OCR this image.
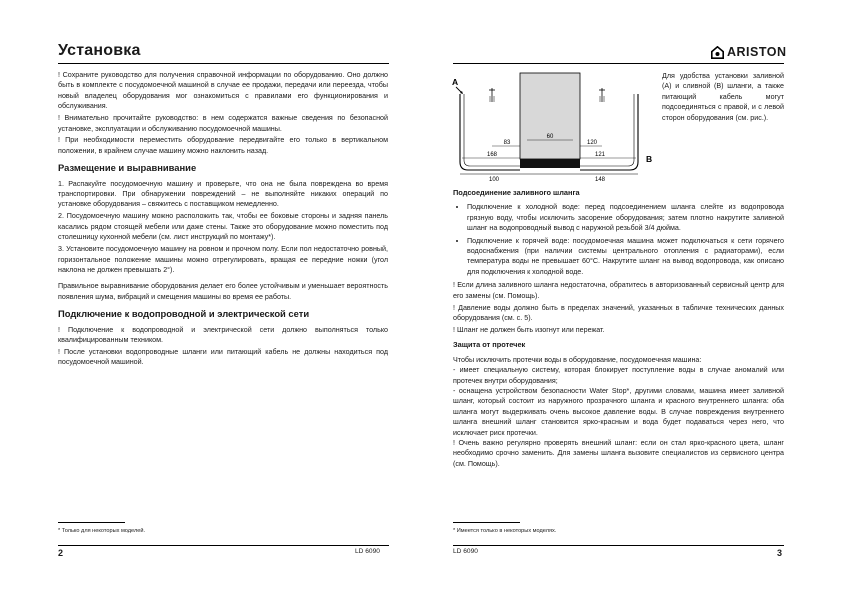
Установка	ARISTON

! Сохраните руководство для получения справочной информации по оборудованию. Оно должно быть в комплекте с посудомоечной машиной в случае ее продажи, передачи или переезда, чтобы новый владелец оборудования мог ознакомиться с правилами его функционирования и обслуживания.

! Внимательно прочитайте руководство: в нем содержатся важные сведения по безопасной установке, эксплуатации и обслуживанию посудомоечной машины.

! При необходимости переместить оборудование передвигайте его только в вертикальном положении, в крайнем случае машину можно наклонить назад.

Размещение и выравнивание

1. Распакуйте посудомоечную машину и проверьте, что она не была повреждена во время транспортировки. При обнаружении повреждений – не выполняйте никаких операций по установке оборудования – свяжитесь с поставщиком немедленно.

2. Посудомоечную машину можно расположить так, чтобы ее боковые стороны и задняя панель касались рядом стоящей мебели или даже стены. Также это оборудование можно поместить под столешницу кухонной мебели (см. лист инструкций по монтажу*).

3. Установите посудомоечную машину на ровном и прочном полу. Если пол недостаточно ровный, горизонтальное положение машины можно отрегулировать, вращая ее передние ножки (угол наклона не должен превышать 2°).

Правильное выравнивание оборудования делает его более устойчивым и уменьшает вероятность появления шума, вибраций и смещения машины во время ее работы.

Подключение к водопроводной и электрической сети

! Подключение к водопроводной и электрической сети должно выполняться только квалифицированным техником.

! После установки водопроводные шланги или питающий кабель не должны находиться под посудомоечной машиной.

* Только для некоторых моделей.
2	LD 6090
A
B
83
60
120
168	121
100	148
Для удобства установки заливной (A) и сливной (B) шланги, а также питающий кабель могут подсоединяться с правой, и с левой сторон оборудования (см. рис.).
Подсоединение заливного шланга
• Подключение к холодной воде: перед подсоединением шланга слейте из водопровода грязную воду, чтобы исключить засорение оборудования; затем плотно накрутите заливной шланг на водопроводный вывод с наружной резьбой 3/4 дюйма.
• Подключение к горячей воде: посудомоечная машина может подключаться к сети горячего водоснабжения (при наличии системы центрального отопления с радиаторами), если температура воды не превышает 60°C. Накрутите шланг на вывод водопровода, как описано для подключения к холодной воде.

! Если длина заливного шланга недостаточна, обратитесь в авторизованный сервисный центр для его замены (см. Помощь).

! Давление воды должно быть в пределах значений, указанных в табличке технических данных оборудования (см. с. 5).

! Шланг не должен быть изогнут или пережат.

Защита от протечек

Чтобы исключить протечки воды в оборудование, посудомоечная машина:

- имеет специальную систему, которая блокирует поступление воды в случае аномалий или протечек внутри оборудования;

- оснащена устройством безопасности Water Stop*, другими словами, машина имеет заливной шланг, который состоит из наружного прозрачного шланга и красного внутреннего шланга: оба шланга могут выдерживать очень высокое давление воды. В случае повреждения внутреннего шланга внешний шланг становится ярко-красным и вода будет подаваться через него, что исключает риск протечки.

! Очень важно регулярно проверять внешний шланг: если он стал ярко-красного цвета, шланг необходимо срочно заменить. Для замены шланга вызовите специалистов из сервисного центра (см. Помощь).

* Имеется только в некоторых моделях.
LD 6090	3
